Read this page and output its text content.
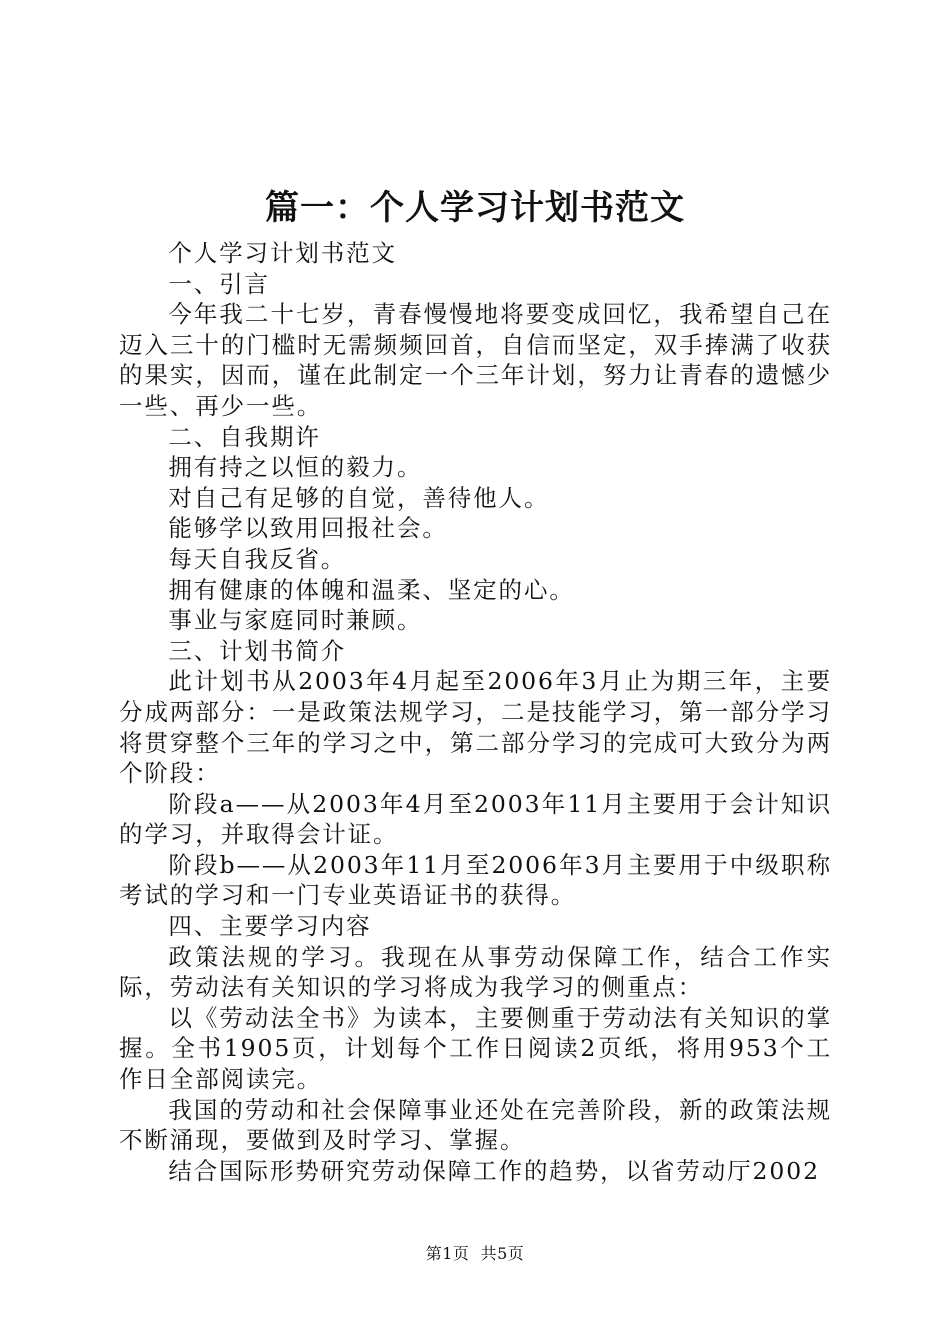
篇一：个人学习计划书范文

个人学习计划书范文

一、引言

今年我二十七岁，青春慢慢地将要变成回忆，我希望自己在迈入三十的门槛时无需频频回首，自信而坚定，双手捧满了收获的果实，因而，谨在此制定一个三年计划，努力让青春的遗憾少一些、再少一些。

二、自我期许

拥有持之以恒的毅力。

对自己有足够的自觉，善待他人。

能够学以致用回报社会。

每天自我反省。

拥有健康的体魄和温柔、坚定的心。

事业与家庭同时兼顾。

三、计划书简介

此计划书从2003年4月起至2006年3月止为期三年，主要分成两部分：一是政策法规学习，二是技能学习，第一部分学习将贯穿整个三年的学习之中，第二部分学习的完成可大致分为两个阶段：

阶段a——从2003年4月至2003年11月主要用于会计知识的学习，并取得会计证。

阶段b——从2003年11月至2006年3月主要用于中级职称考试的学习和一门专业英语证书的获得。

四、主要学习内容

政策法规的学习。我现在从事劳动保障工作，结合工作实际，劳动法有关知识的学习将成为我学习的侧重点：

以《劳动法全书》为读本，主要侧重于劳动法有关知识的掌握。全书1905页，计划每个工作日阅读2页纸，将用953个工作日全部阅读完。

我国的劳动和社会保障事业还处在完善阶段，新的政策法规不断涌现，要做到及时学习、掌握。

结合国际形势研究劳动保障工作的趋势，以省劳动厅2002

第1页 共5页
